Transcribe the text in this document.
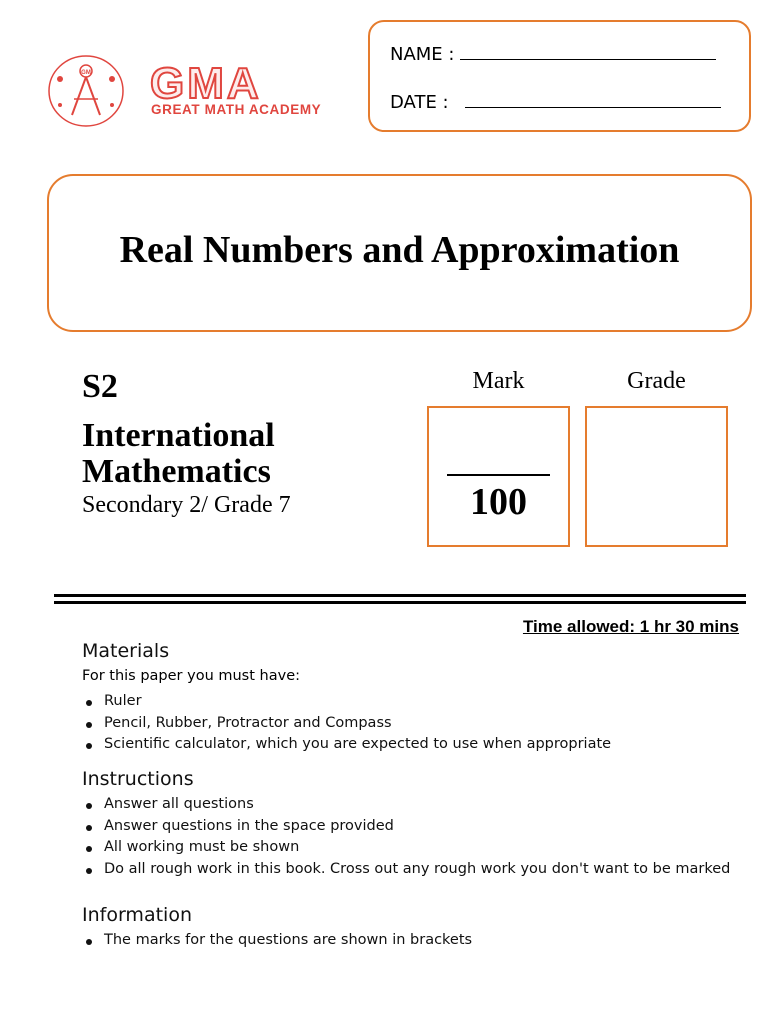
GM GMA
GREAT MATH ACADEMY
NAME :
DATE :
Real Numbers and Approximation
S2
International
Mathematics
Secondary 2/ Grade 7
Mark	Grade
100
Time allowed: 1 hr 30 mins
Materials
For this paper you must have:
Ruler
Pencil, Rubber, Protractor and Compass
Scientific calculator, which you are expected to use when appropriate
Instructions
Answer all questions
Answer questions in the space provided
All working must be shown
Do all rough work in this book. Cross out any rough work you don't want to be marked
Information
The marks for the questions are shown in brackets
